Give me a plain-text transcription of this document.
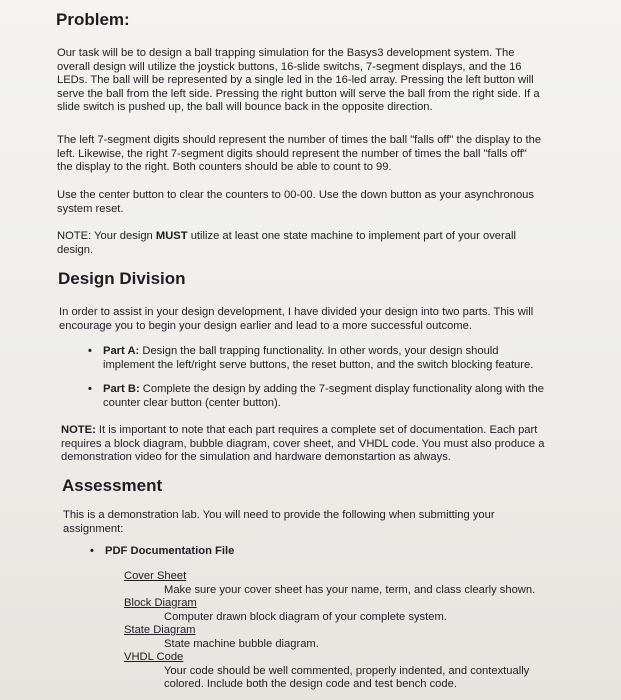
Problem:
Our task will be to design a ball trapping simulation for the Basys3 development system. The
overall design will utilize the joystick buttons, 16-slide switchs, 7-segment displays, and the 16
LEDs. The ball will be represented by a single led in the 16-led array. Pressing the left button will
serve the ball from the left side. Pressing the right button will serve the ball from the right side. If a
slide switch is pushed up, the ball will bounce back in the opposite direction.
The left 7-segment digits should represent the number of times the ball "falls off" the display to the
left. Likewise, the right 7-segment digits should represent the number of times the ball "falls off"
the display to the right. Both counters should be able to count to 99.
Use the center button to clear the counters to 00-00. Use the down button as your asynchronous
system reset.
NOTE: Your design MUST utilize at least one state machine to implement part of your overall
design.
Design Division
In order to assist in your design development, I have divided your design into two parts. This will
encourage you to begin your design earlier and lead to a more successful outcome.
• Part A: Design the ball trapping functionality. In other words, your design should
implement the left/right serve buttons, the reset button, and the switch blocking feature.
• Part B: Complete the design by adding the 7-segment display functionality along with the
counter clear button (center button).
NOTE: It is important to note that each part requires a complete set of documentation. Each part
requires a block diagram, bubble diagram, cover sheet, and VHDL code. You must also produce a
demonstration video for the simulation and hardware demonstartion as always.
Assessment
This is a demonstration lab. You will need to provide the following when submitting your
assignment:
• PDF Documentation File
Cover Sheet
Make sure your cover sheet has your name, term, and class clearly shown.
Block Diagram
Computer drawn block diagram of your complete system.
State Diagram
State machine bubble diagram.
VHDL Code
Your code should be well commented, properly indented, and contextually
colored. Include both the design code and test bench code.
